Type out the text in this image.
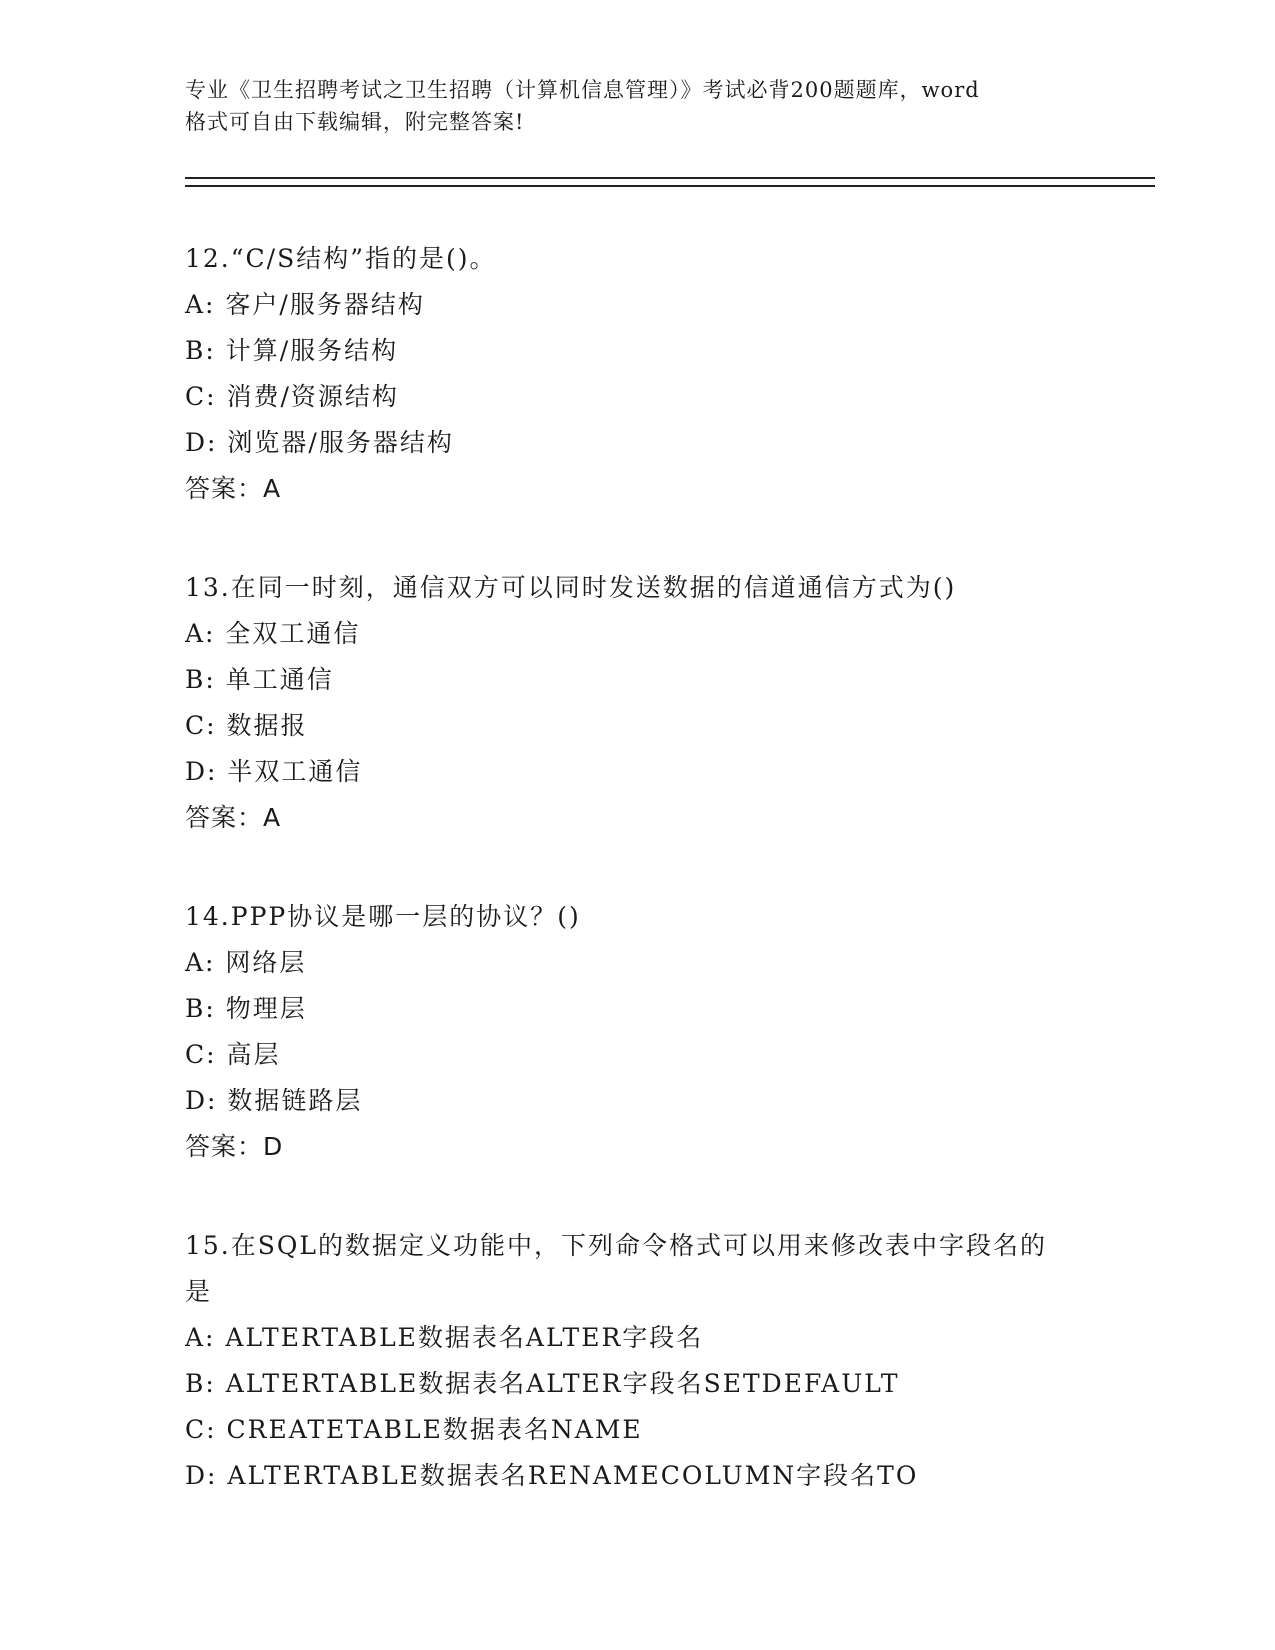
专业《卫生招聘考试之卫生招聘（计算机信息管理）》考试必背200题题库，word
格式可自由下载编辑，附完整答案!
12.“C/S结构”指的是()。
A: 客户/服务器结构
B: 计算/服务结构
C: 消费/资源结构
D: 浏览器/服务器结构
答案：A
13.在同一时刻，通信双方可以同时发送数据的信道通信方式为()
A: 全双工通信
B: 单工通信
C: 数据报
D: 半双工通信
答案：A
14.PPP协议是哪一层的协议？()
A: 网络层
B: 物理层
C: 高层
D: 数据链路层
答案：D
15.在SQL的数据定义功能中，下列命令格式可以用来修改表中字段名的是
A: ALTERTABLE数据表名ALTER字段名
B: ALTERTABLE数据表名ALTER字段名SETDEFAULT
C: CREATETABLE数据表名NAME
D: ALTERTABLE数据表名RENAMECOLUMN字段名TO
